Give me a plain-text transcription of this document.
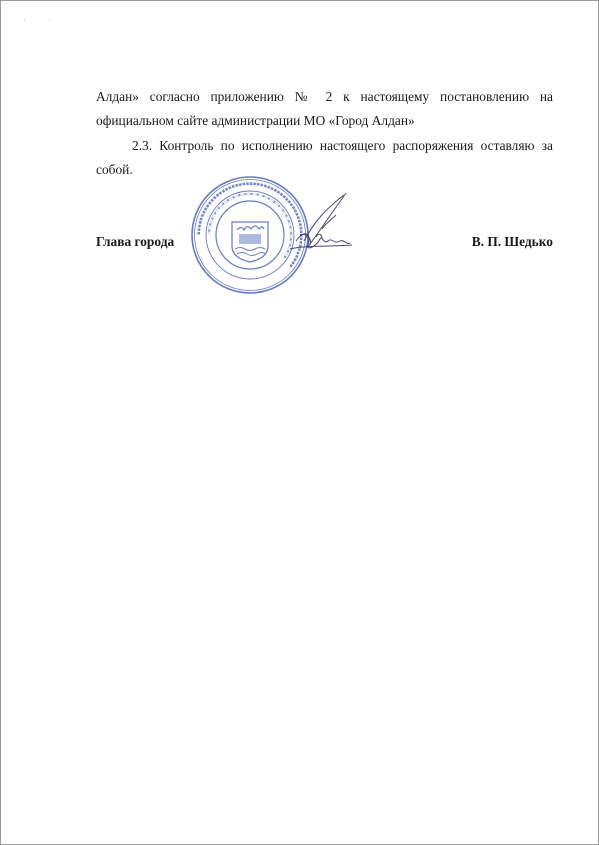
· ·
Алдан» согласно приложению № 2 к настоящему постановлению на
официальном сайте администрации МО «Город Алдан»
2.3. Контроль по исполнению настоящего распоряжения оставляю за
собой.
▪▪▪▪▪▪▪▪▪▪▪▪▪▪▪▪▪▪▪▪▪▪▪▪▪▪▪▪▪▪▪▪▪▪▪▪▪▪▪▪▪▪▪▪▪▪▪▪▪▪▪▪▪▪
▫▪▫▪▫▪▫▪▫▪▫▪▫▪▫▪▫▪▫▪▫▪▫▪▫▪▫▪▫▪▫▪▫▪▫▪▫▪▫▪▫▪▫▪▫▪▫▪▫▪
Глава города	В. П. Шедько
